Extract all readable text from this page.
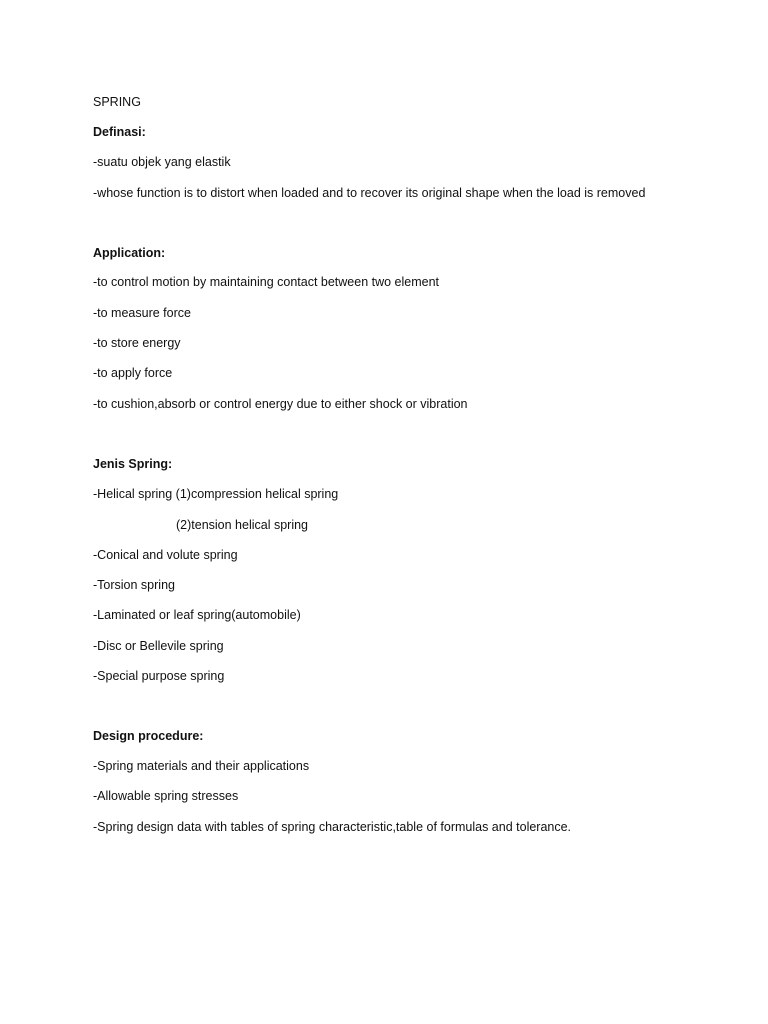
SPRING
Definasi:
-suatu objek yang elastik
-whose function is to distort when loaded and to recover its original shape when the load is removed
Application:
-to control motion by maintaining contact between two element
-to measure force
-to store energy
-to apply force
-to cushion,absorb or control energy due to either shock or vibration
Jenis Spring:
-Helical spring (1)compression helical spring
(2)tension helical spring
-Conical and volute spring
-Torsion spring
-Laminated or leaf spring(automobile)
-Disc or Bellevile spring
-Special purpose spring
Design procedure:
-Spring materials and their applications
-Allowable spring stresses
-Spring design data with tables of spring characteristic,table of formulas and tolerance.
